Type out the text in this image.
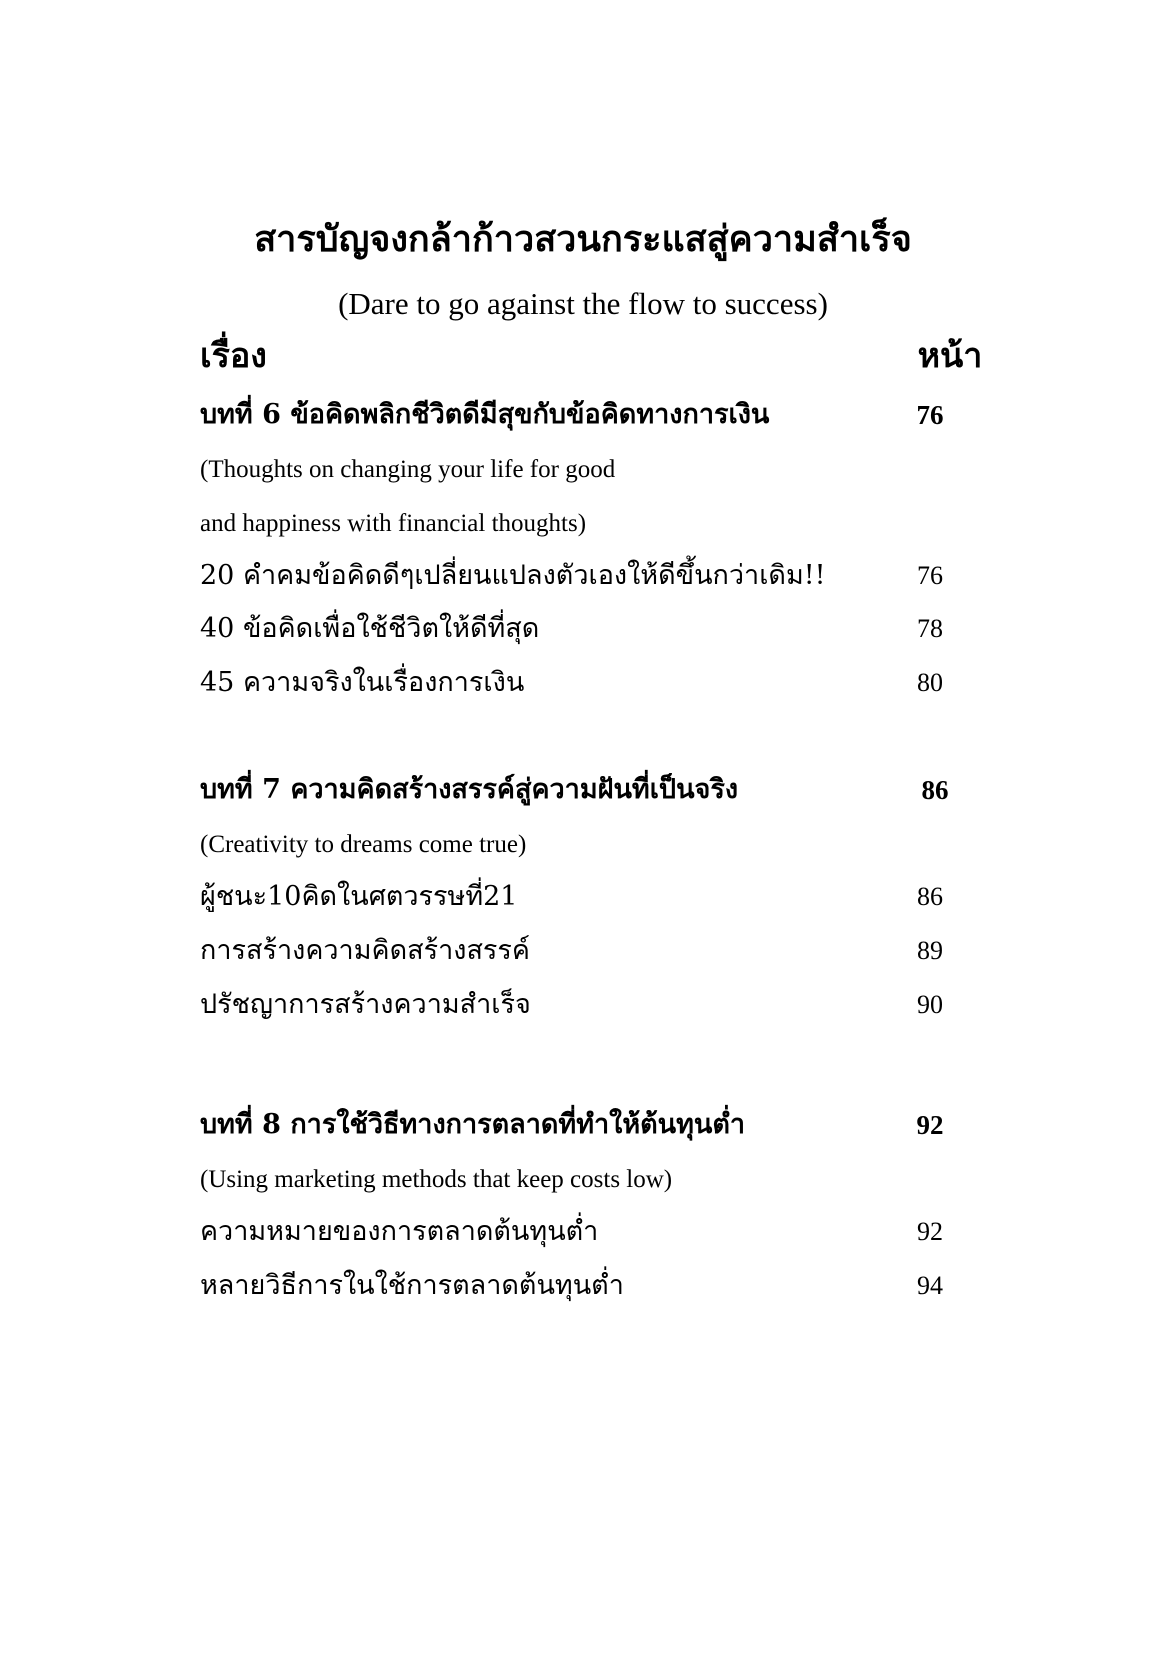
สารบัญจงกล้าก้าวสวนกระแสสู่ความสำเร็จ
(Dare to go against the flow to success)
เรื่อง	หน้า
บทที่ 6 ข้อคิดพลิกชีวิตดีมีสุขกับข้อคิดทางการเงิน	76
(Thoughts on changing your life for good
and happiness with financial thoughts)
20 คำคมข้อคิดดีๆเปลี่ยนแปลงตัวเองให้ดีขึ้นกว่าเดิม!!	76
40 ข้อคิดเพื่อใช้ชีวิตให้ดีที่สุด	78
45 ความจริงในเรื่องการเงิน	80
บทที่ 7 ความคิดสร้างสรรค์สู่ความฝันที่เป็นจริง	86
(Creativity to dreams come true)
ผู้ชนะ10คิดในศตวรรษที่21	86
การสร้างความคิดสร้างสรรค์	89
ปรัชญาการสร้างความสำเร็จ	90
บทที่ 8 การใช้วิธีทางการตลาดที่ทำให้ต้นทุนต่ำ	92
(Using marketing methods that keep costs low)
ความหมายของการตลาดต้นทุนต่ำ	92
หลายวิธีการในใช้การตลาดต้นทุนต่ำ	94
